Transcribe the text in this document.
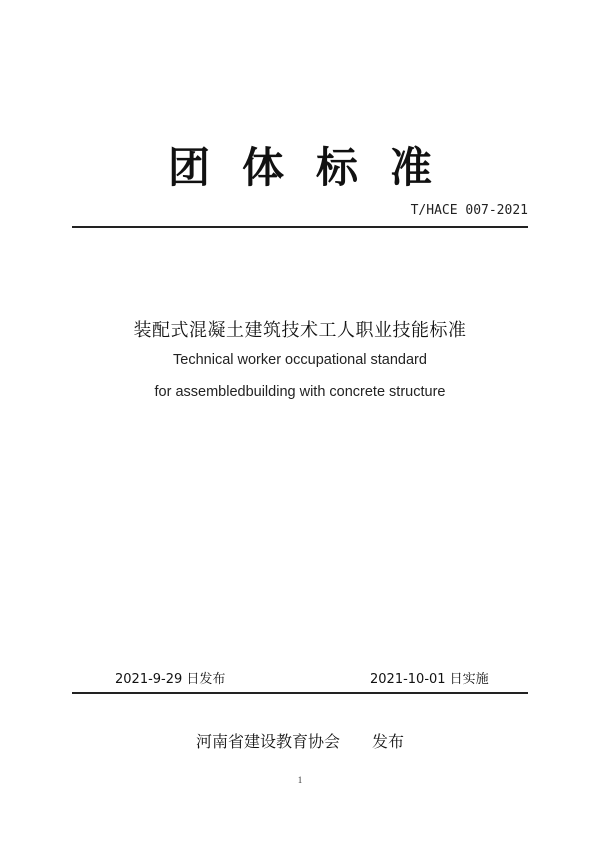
团体标准
T/HACE 007-2021
装配式混凝土建筑技术工人职业技能标准
Technical worker occupational standard
for assembledbuilding with concrete structure
2021-9-29 日发布	2021-10-01 日实施
河南省建设教育协会 发布
1
